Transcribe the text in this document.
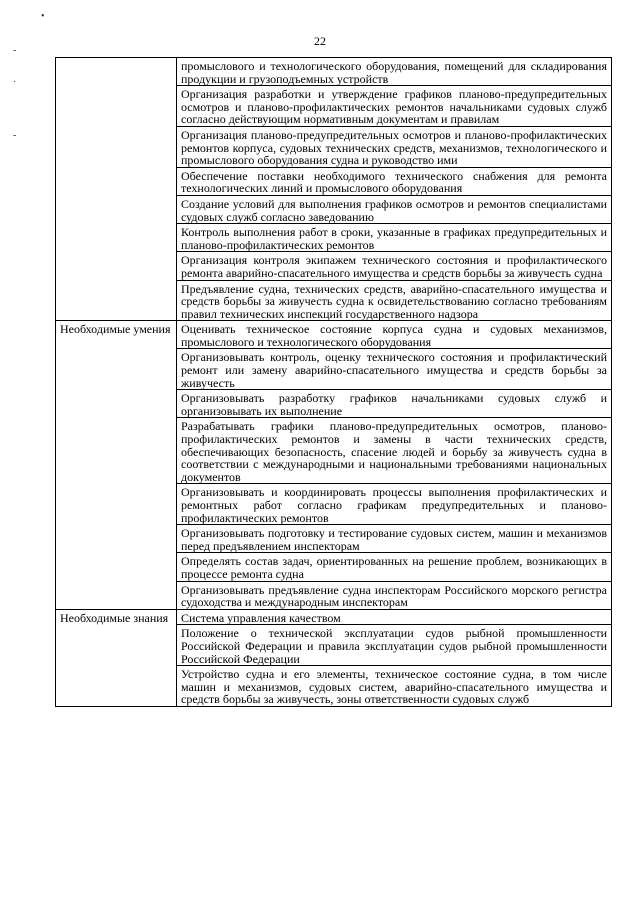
•
-
-
·
22
	промыслового и технологического оборудования, помещений для складирования продукции и грузоподъемных устройств
	Организация разработки и утверждение графиков планово-предупредительных осмотров и планово-профилактических ремонтов начальниками судовых служб согласно действующим нормативным документам и правилам
	Организация планово-предупредительных осмотров и планово-профилактических ремонтов корпуса, судовых технических средств, механизмов, технологического и промыслового оборудования судна и руководство ими
	Обеспечение поставки необходимого технического снабжения для ремонта технологических линий и промыслового оборудования
	Создание условий для выполнения графиков осмотров и ремонтов специалистами судовых служб согласно заведованию
	Контроль выполнения работ в сроки, указанные в графиках предупредительных и планово-профилактических ремонтов
	Организация контроля экипажем технического состояния и профилактического ремонта аварийно-спасательного имущества и средств борьбы за живучесть судна
	Предъявление судна, технических средств, аварийно-спасательного имущества и средств борьбы за живучесть судна к освидетельствованию согласно требованиям правил технических инспекций государственного надзора
Необходимые умения	Оценивать техническое состояние корпуса судна и судовых механизмов, промыслового и технологического оборудования
	Организовывать контроль, оценку технического состояния и профилактический ремонт или замену аварийно-спасательного имущества и средств борьбы за живучесть
	Организовывать разработку графиков начальниками судовых служб и организовывать их выполнение
	Разрабатывать графики планово-предупредительных осмотров, планово-профилактических ремонтов и замены в части технических средств, обеспечивающих безопасность, спасение людей и борьбу за живучесть судна в соответствии с международными и национальными требованиями национальных документов
	Организовывать и координировать процессы выполнения профилактических и ремонтных работ согласно графикам предупредительных и планово-профилактических ремонтов
	Организовывать подготовку и тестирование судовых систем, машин и механизмов перед предъявлением инспекторам
	Определять состав задач, ориентированных на решение проблем, возникающих в процессе ремонта судна
	Организовывать предъявление судна инспекторам Российского морского регистра судоходства и международным инспекторам
Необходимые знания	Система управления качеством
	Положение о технической эксплуатации судов рыбной промышленности Российской Федерации и правила эксплуатации судов рыбной промышленности Российской Федерации
	Устройство судна и его элементы, техническое состояние судна, в том числе машин и механизмов, судовых систем, аварийно-спасательного имущества и средств борьбы за живучесть, зоны ответственности судовых служб
